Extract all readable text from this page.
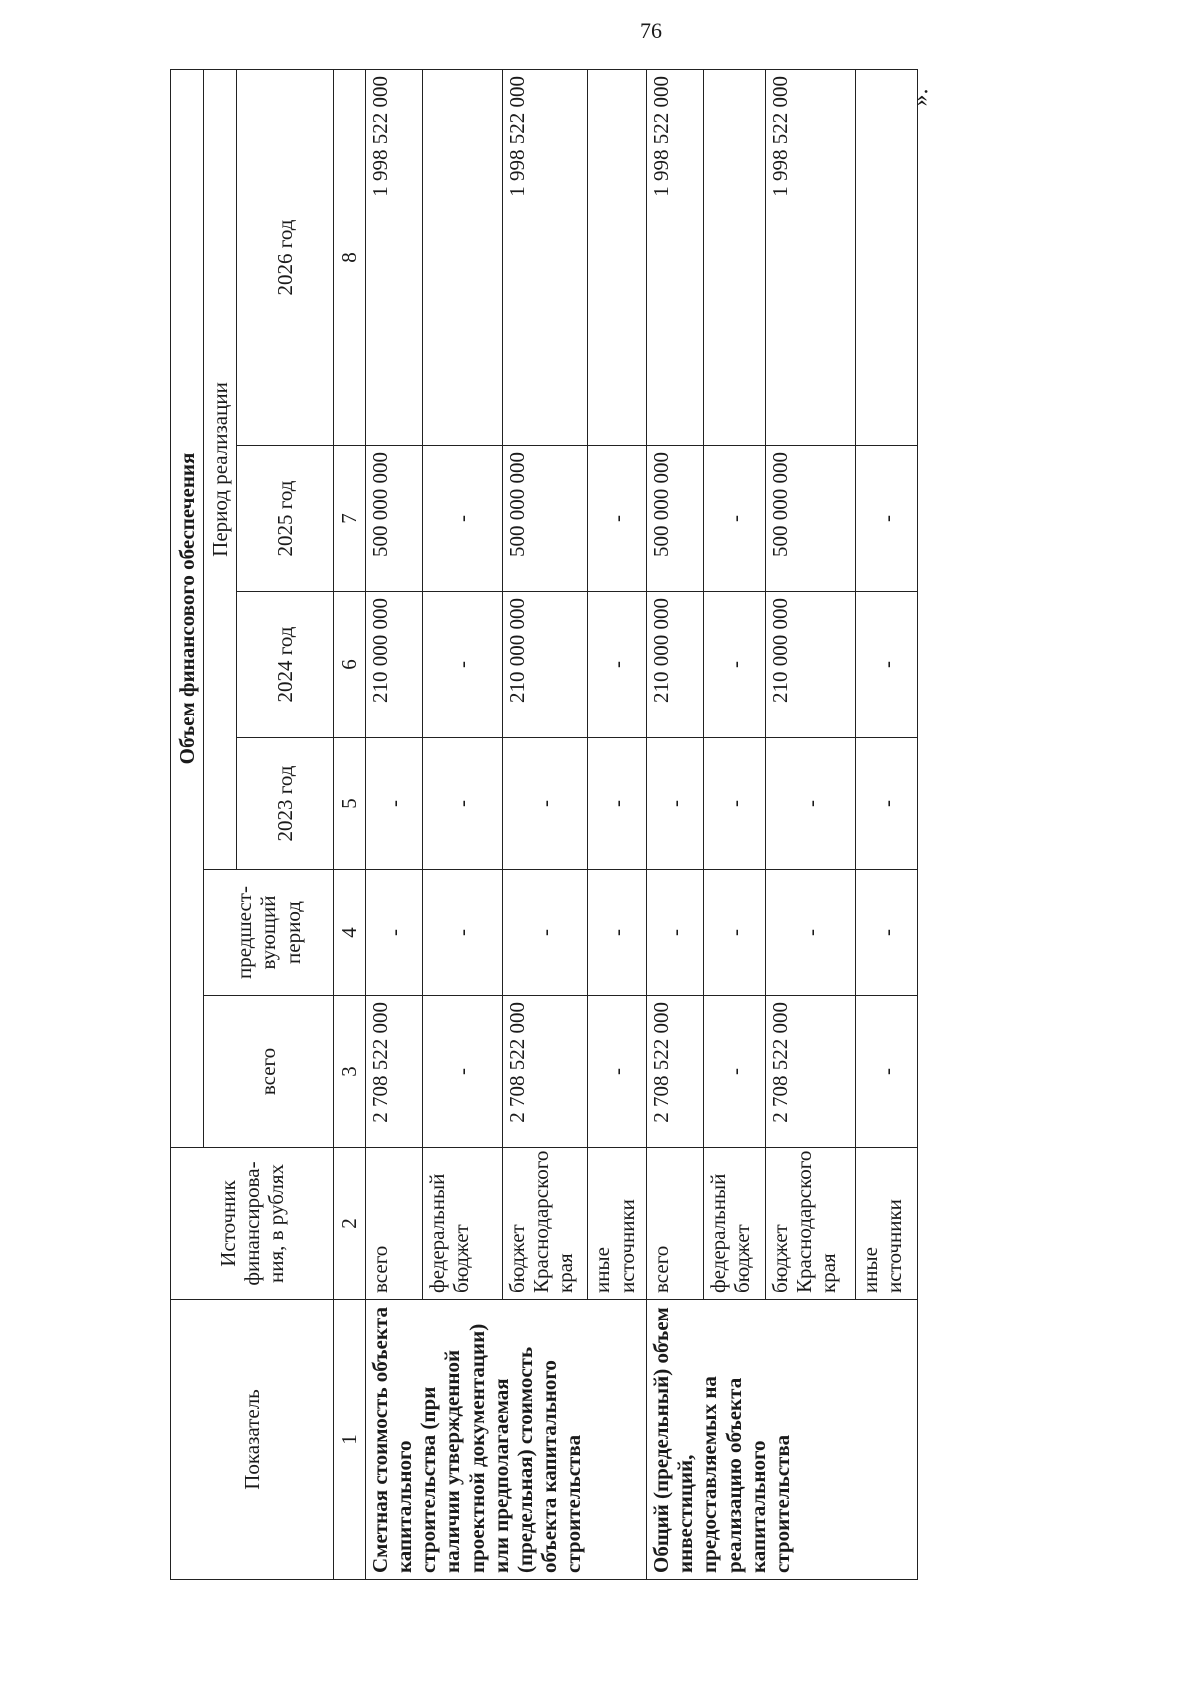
76
Показатель	Источник финансирова-ния, в рублях	Объем финансового обеспечения					
		всего	предшест-вующий период	Период реализации			
				2023 год	2024 год	2025 год	2026 год
1	2	3	4	5	6	7	8
Сметная стоимость объекта капитального строительства (при наличии утвержденной проектной документации) или предполагаемая (предельная) стоимость объекта капитального строительства	всего	2 708 522 000	-	-	210 000 000	500 000 000	1 998 522 000
	федеральный бюджет	-	-	-	-	-	
	бюджет Краснодарского края	2 708 522 000	-	-	210 000 000	500 000 000	1 998 522 000
	иные источники	-	-	-	-	-	
Общий (предельный) объем инвестиций, предоставляемых на реализацию объекта капитального строительства	всего	2 708 522 000	-	-	210 000 000	500 000 000	1 998 522 000
	федеральный бюджет	-	-	-	-	-	
	бюджет Краснодарского края	2 708 522 000	-	-	210 000 000	500 000 000	1 998 522 000
	иные источники	-	-	-	-	-	
».
